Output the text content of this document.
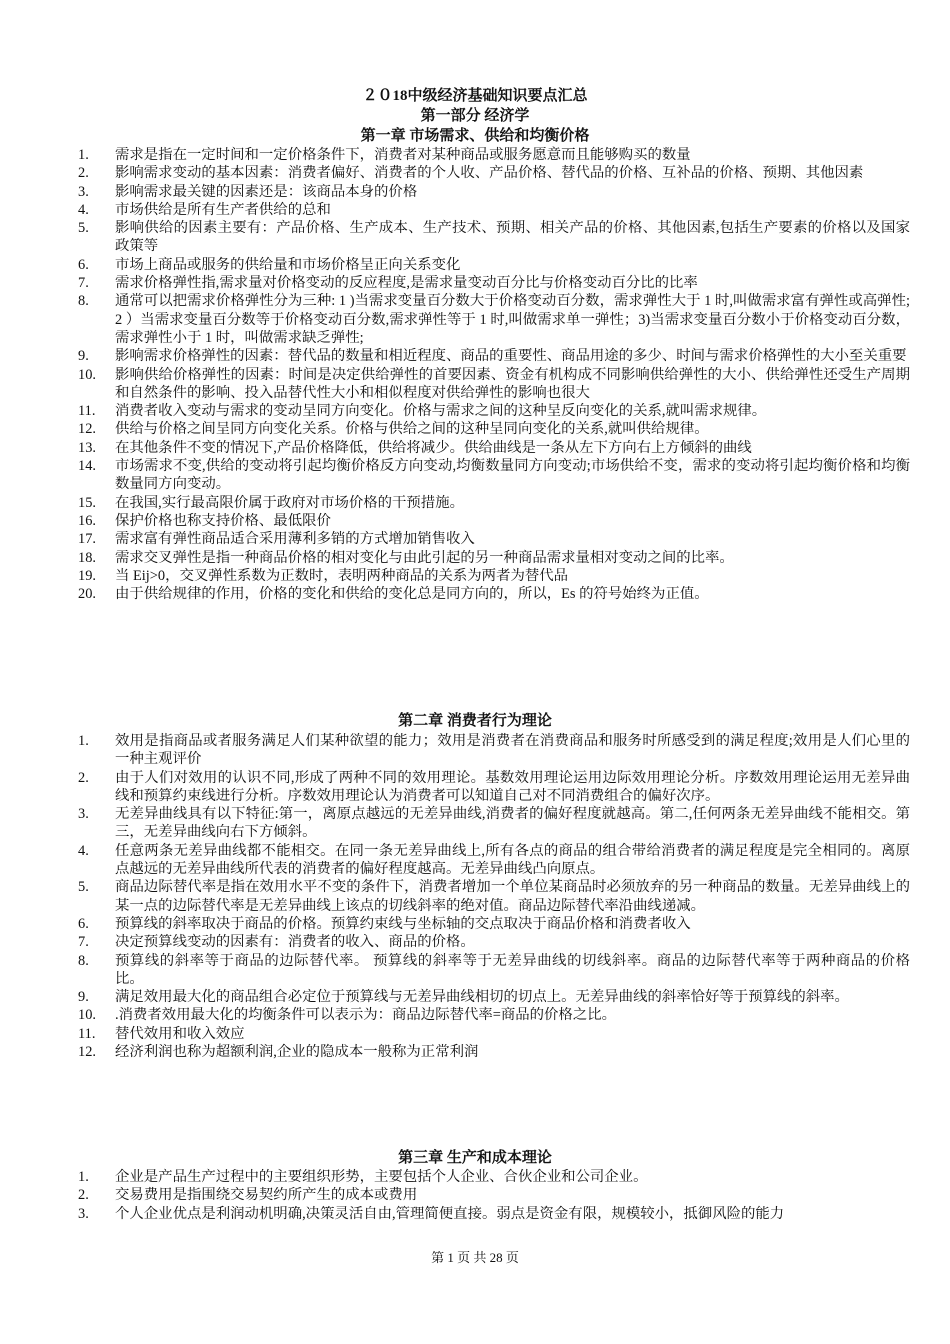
２０18中级经济基础知识要点汇总

第一部分 经济学

第一章 市场需求、供给和均衡价格

1.	需求是指在一定时间和一定价格条件下，消费者对某种商品或服务愿意而且能够购买的数量
2.	影响需求变动的基本因素：消费者偏好、消费者的个人收、产品价格、替代品的价格、互补品的价格、预期、其他因素
3.	影响需求最关键的因素还是：该商品本身的价格
4.	市场供给是所有生产者供给的总和
5.	影响供给的因素主要有：产品价格、生产成本、生产技术、预期、相关产品的价格、其他因素,包括生产要素的价格以及国家政策等
6.	市场上商品或服务的供给量和市场价格呈正向关系变化
7.	需求价格弹性指,需求量对价格变动的反应程度,是需求量变动百分比与价格变动百分比的比率
8.	通常可以把需求价格弹性分为三种: 1 )当需求变量百分数大于价格变动百分数，需求弹性大于 1 时,叫做需求富有弹性或高弹性; 2 ）当需求变量百分数等于价格变动百分数,需求弹性等于 1 时,叫做需求单一弹性；3)当需求变量百分数小于价格变动百分数，需求弹性小于 1 时，叫做需求缺乏弹性;
9.	影响需求价格弹性的因素：替代品的数量和相近程度、商品的重要性、商品用途的多少、时间与需求价格弹性的大小至关重要
10.	影响供给价格弹性的因素：时间是决定供给弹性的首要因素、资金有机构成不同影响供给弹性的大小、供给弹性还受生产周期和自然条件的影响、投入品替代性大小和相似程度对供给弹性的影响也很大
11.	消费者收入变动与需求的变动呈同方向变化。价格与需求之间的这种呈反向变化的关系,就叫需求规律。
12.	供给与价格之间呈同方向变化关系。价格与供给之间的这种呈同向变化的关系,就叫供给规律。
13.	在其他条件不变的情况下,产品价格降低，供给将减少。供给曲线是一条从左下方向右上方倾斜的曲线
14.	市场需求不变,供给的变动将引起均衡价格反方向变动,均衡数量同方向变动;市场供给不变，需求的变动将引起均衡价格和均衡数量同方向变动。
15.	在我国,实行最高限价属于政府对市场价格的干预措施。
16.	保护价格也称支持价格、最低限价
17.	需求富有弹性商品适合采用薄利多销的方式增加销售收入
18.	需求交叉弹性是指一种商品价格的相对变化与由此引起的另一种商品需求量相对变动之间的比率。
19.	当 Eij>0，交叉弹性系数为正数时，表明两种商品的关系为两者为替代品
20.	由于供给规律的作用，价格的变化和供给的变化总是同方向的，所以，Es 的符号始终为正值。

第二章 消费者行为理论

1.	效用是指商品或者服务满足人们某种欲望的能力；效用是消费者在消费商品和服务时所感受到的满足程度;效用是人们心里的一种主观评价
2.	由于人们对效用的认识不同,形成了两种不同的效用理论。基数效用理论运用边际效用理论分析。序数效用理论运用无差异曲线和预算约束线进行分析。序数效用理论认为消费者可以知道自己对不同消费组合的偏好次序。
3.	无差异曲线具有以下特征:第一，离原点越远的无差异曲线,消费者的偏好程度就越高。第二,任何两条无差异曲线不能相交。第三，无差异曲线向右下方倾斜。
4.	任意两条无差异曲线都不能相交。在同一条无差异曲线上,所有各点的商品的组合带给消费者的满足程度是完全相同的。离原点越远的无差异曲线所代表的消费者的偏好程度越高。无差异曲线凸向原点。
5.	商品边际替代率是指在效用水平不变的条件下，消费者增加一个单位某商品时必须放弃的另一种商品的数量。无差异曲线上的某一点的边际替代率是无差异曲线上该点的切线斜率的绝对值。商品边际替代率沿曲线递减。
6.	预算线的斜率取决于商品的价格。预算约束线与坐标轴的交点取决于商品价格和消费者收入
7.	决定预算线变动的因素有：消费者的收入、商品的价格。
8.	预算线的斜率等于商品的边际替代率。 预算线的斜率等于无差异曲线的切线斜率。商品的边际替代率等于两种商品的价格比。
9.	满足效用最大化的商品组合必定位于预算线与无差异曲线相切的切点上。无差异曲线的斜率恰好等于预算线的斜率。
10.	.消费者效用最大化的均衡条件可以表示为：商品边际替代率=商品的价格之比。
11.	替代效用和收入效应
12.	经济利润也称为超额利润,企业的隐成本一般称为正常利润

第三章 生产和成本理论

1.	企业是产品生产过程中的主要组织形势，主要包括个人企业、合伙企业和公司企业。
2.	交易费用是指围绕交易契约所产生的成本或费用
3.	个人企业优点是利润动机明确,决策灵活自由,管理简便直接。弱点是资金有限，规模较小，抵御风险的能力
第 1 页 共 28 页
